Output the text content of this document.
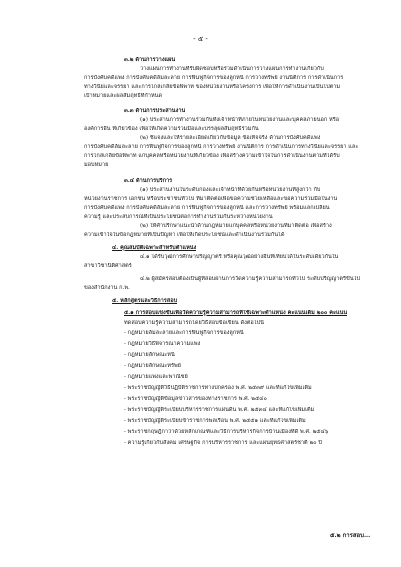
- ๕ -
๓.๒ ด้านการวางแผน
วางแผนการทำงานที่รับผิดชอบหรือร่วมดำเนินการวางแผนการทำงานเกี่ยวกับ
การบังคับคดีแพ่ง การบังคับคดีล้มละลาย การฟื้นฟูกิจการของลูกหนี้ การวางทรัพย์ งานนิติการ การดำเนินการ
ทางวินัยและจรรยา และการไกล่เกลี่ยข้อพิพาท ของหน่วยงานหรือโครงการ เพื่อให้การดำเนินงานเป็นไปตาม
เป้าหมายและผลสัมฤทธิ์ที่กำหนด
๓.๓ ด้านการประสานงาน
(๑) ประสานการทำงานร่วมกันทั้งเจ้าหน้าที่ภายในหน่วยงานและบุคคลภายนอก หรือ
องค์การอื่น ที่เกี่ยวข้อง เพื่อให้เกิดความร่วมมือและบรรลุผลสัมฤทธิ์ร่วมกัน
(๒) ชี้แจงและให้รายละเอียดเกี่ยวกับข้อมูล ข้อเท็จจริง ด้านการบังคับคดีแพ่ง
การบังคับคดีล้มละลาย การฟื้นฟูกิจการของลูกหนี้ การวางทรัพย์ งานนิติการ การดำเนินการทางวินัยและจรรยา และ
การไกล่เกลี่ยข้อพิพาท แก่บุคคลหรือหน่วยงานที่เกี่ยวข้อง เพื่อสร้างความเข้าใจในการดำเนินงานตามที่ได้รับ
มอบหมาย
๓.๔ ด้านการบริการ
(๑) ประสานงานในระดับกองและเจ้าหน้าที่ด้วยกันหรือหน่วยงานที่สูงกว่า กับ
หน่วยงานราชการ เอกชน หรือประชาชนทั่วไป ที่มาติดต่อเพื่อขอความช่วยเหลือและขอความร่วมมือในงาน
การบังคับคดีแพ่ง การบังคับคดีล้มละลาย การฟื้นฟูกิจการของลูกหนี้ และการวางทรัพย์ พร้อมแลกเปลี่ยน
ความรู้ และประสบการณ์ที่เป็นประโยชน์ต่อการทำงานร่วมกันระหว่างหน่วยงาน
(๒) ให้คำปรึกษาแนะนำด้านกฎหมายแก่บุคคลหรือหน่วยงานที่มาติดต่อ เพื่อสร้าง
ความเข้าใจในข้อกฎหมายที่เป็นปัญหา เพื่อให้เกิดประโยชน์และดำเนินงานร่วมกันได้
๔. คุณสมบัติเฉพาะสำหรับตำแหน่ง
๔.๑ ได้รับวุฒิการศึกษาปริญญาตรี หรือคุณวุฒิอย่างอื่นที่เทียบได้ในระดับเดียวกันใน
สาขาวิชานิติศาสตร์
๔.๒ ผู้สมัครสอบต้องเป็นผู้ที่สอบผ่านการวัดความรู้ความสามารถทั่วไป ระดับปริญญาตรีขึ้นไป
ของสำนักงาน ก.พ.
๕. หลักสูตรและวิธีการสอบ
๕.๑ การสอบแข่งขันเพื่อวัดความรู้ความสามารถที่ใช้เฉพาะตำแหน่ง คะแนนเต็ม ๒๐๐ คะแนน
ทดสอบความรู้ความสามารถโดยวิธีสอบข้อเขียน ดังต่อไปนี้
- กฎหมายล้มละลายและการฟื้นฟูกิจการของลูกหนี้
- กฎหมายวิธีพิจารณาความแพ่ง
- กฎหมายลักษณะหนี้
- กฎหมายลักษณะทรัพย์
- กฎหมายแพ่งและพาณิชย์
- พระราชบัญญัติวิธีปฏิบัติราชการทางปกครอง พ.ศ. ๒๕๓๙ และที่แก้ไขเพิ่มเติม
- พระราชบัญญัติข้อมูลข่าวสารของทางราชการ พ.ศ. ๒๕๔๐
- พระราชบัญญัติระเบียบบริหารราชการแผ่นดิน พ.ศ. ๒๕๓๔ และที่แก้ไขเพิ่มเติม
- พระราชบัญญัติระเบียบข้าราชการพลเรือน พ.ศ. ๒๕๕๑ และที่แก้ไขเพิ่มเติม
- พระราชกฤษฎีกาว่าด้วยหลักเกณฑ์และวิธีการบริหารกิจการบ้านเมืองที่ดี พ.ศ. ๒๕๔๖
- ความรู้เกี่ยวกับสังคม เศรษฐกิจ การบริหารราชการ และแผนยุทธศาสตร์ชาติ ๒๐ ปี
๕.๒ การสอบ...
